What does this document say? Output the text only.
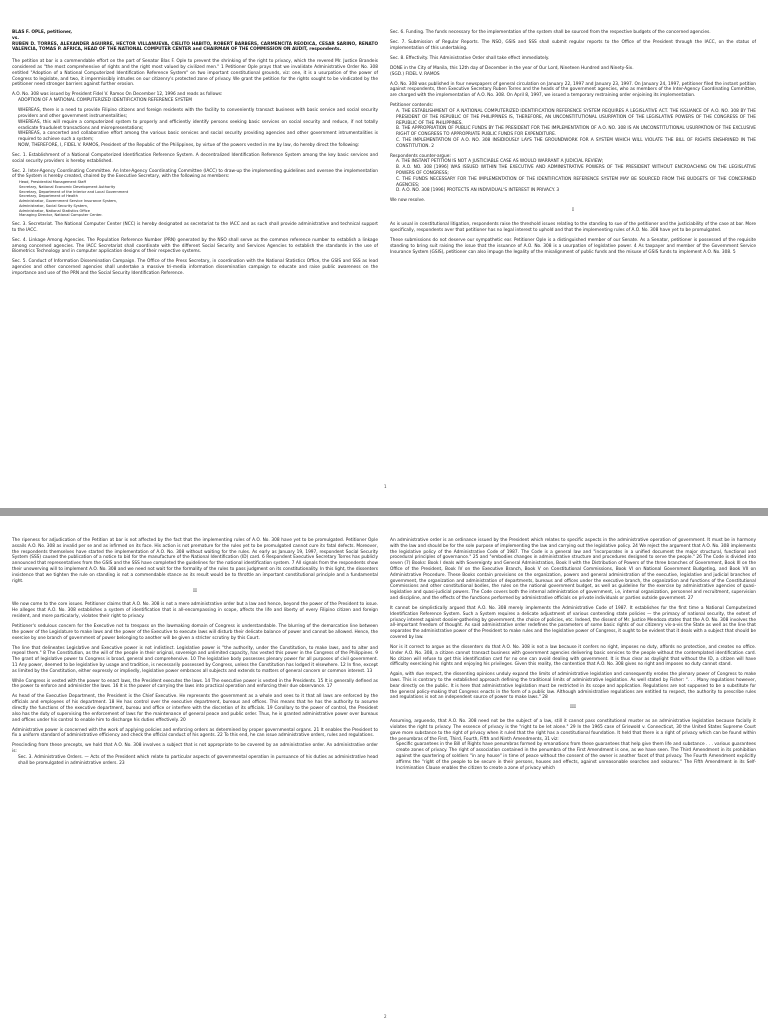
BLAS F. OPLE, petitioner,

vs.

RUBEN D. TORRES, ALEXANDER AGUIRRE, HECTOR VILLANUEVA, CIELITO HABITO, ROBERT BARBERS, CARMENCITA REODICA, CESAR SARINO, RENATO VALENCIA, TOMAS P. AFRICA, HEAD OF THE NATIONAL COMPUTER CENTER and CHAIRMAN OF THE COMMISSION ON AUDIT, respondents.

The petition at bar is a commendable effort on the part of Senator Blas F. Ople to prevent the shrinking of the right to privacy, which the revered Mr. Justice Brandeis considered as "the most comprehensive of rights and the right most valued by civilized men." 1 Petitioner Ople prays that we invalidate Administrative Order No. 308 entitled "Adoption of a National Computerized Identification Reference System" on two important constitutional grounds, viz: one, it is a usurpation of the power of Congress to legislate, and two, it impermissibly intrudes on our citizenry's protected zone of privacy. We grant the petition for the rights sought to be vindicated by the petitioner need stronger barriers against further erosion.

A.O. No. 308 was issued by President Fidel V. Ramos On December 12, 1996 and reads as follows:

ADOPTION OF A NATIONAL COMPUTERIZED IDENTIFICATION REFERENCE SYSTEM

WHEREAS, there is a need to provide Filipino citizens and foreign residents with the facility to conveniently transact business with basic service and social security providers and other government instrumentalities;

WHEREAS, this will require a computerized system to properly and efficiently identify persons seeking basic services on social security and reduce, if not totally eradicate fraudulent transactions and misrepresentations;

WHEREAS, a concerted and collaborative effort among the various basic services and social security providing agencies and other government intrumentalities is required to achieve such a system;

NOW, THEREFORE, I, FIDEL V. RAMOS, President of the Republic of the Philippines, by virtue of the powers vested in me by law, do hereby direct the following:

Sec. 1. Establishment of a National Compoterized Identification Reference System. A decentralized Identification Reference System among the key basic services and social security providers is hereby established.

Sec. 2. Inter-Agency Coordinating Committee. An Inter-Agency Coordinating Committee (IACC) to draw-up the implementing guidelines and oversee the implementation of the System is hereby created, chaired by the Executive Secretary, with the following as members:

Head, Presidential Management Staff
Secretary, National Economic Development Authority
Secretary, Department of the Interior and Local Government
Secretary, Department of Health
Administrator, Government Service Insurance System,
Administrator, Social Security System,
Administrator, National Statistics Office
Managing Director, National Computer Center.

Sec. 3. Secretariat. The National Computer Center (NCC) is hereby designated as secretariat to the IACC and as such shall provide administrative and technical support to the IACC.

Sec. 4. Linkage Among Agencies. The Population Reference Number (PRN) generated by the NSO shall serve as the common reference number to establish a linkage among concerned agencies. The IACC Secretariat shall coordinate with the different Social Security and Services Agencies to establish the standards in the use of Biometrics Technology and in computer application designs of their respective systems.

Sec. 5. Conduct of Information Dissemination Campaign. The Office of the Press Secretary, in coordination with the National Statistics Office, the GSIS and SSS as lead agencies and other concerned agencies shall undertake a massive tri-media information dissemination campaign to educate and raise public awareness on the importance and use of the PRN and the Social Security Identification Reference.

Sec. 6. Funding. The funds necessary for the implementation of the system shall be sourced from the respective budgets of the concerned agencies.

Sec. 7. Submission of Regular Reports. The NSO, GSIS and SSS shall submit regular reports to the Office of the President through the IACC, on the status of implementation of this undertaking.

Sec. 8. Effectivity. This Administrative Order shall take effect immediately.

DONE in the City of Manila, this 12th day of December in the year of Our Lord, Nineteen Hundred and Ninety-Six.

(SGD.) FIDEL V. RAMOS

A.O. No. 308 was published in four newspapers of general circulation on January 22, 1997 and January 23, 1997. On January 24, 1997, petitioner filed the instant petition against respondents, then Executive Secretary Ruben Torres and the heads of the government agencies, who as members of the Inter-Agency Coordinating Committee, are charged with the implementation of A.O. No. 308. On April 8, 1997, we issued a temporary restraining order enjoining its implementation.

Petitioner contends:

A. THE ESTABLISHMENT OF A NATIONAL COMPUTERIZED IDENTIFICATION REFERENCE SYSTEM REQUIRES A LEGISLATIVE ACT. THE ISSUANCE OF A.O. NO. 308 BY THE PRESIDENT OF THE REPUBLIC OF THE PHILIPPINES IS, THEREFORE, AN UNCONSTITUTIONAL USURPATION OF THE LEGISLATIVE POWERS OF THE CONGRESS OF THE REPUBLIC OF THE PHILIPPINES.
B. THE APPROPRIATION OF PUBLIC FUNDS BY THE PRESIDENT FOR THE IMPLEMENTATION OF A.O. NO. 308 IS AN UNCONSTITUTIONAL USURPATION OF THE EXCLUSIVE RIGHT OF CONGRESS TO APPROPRIATE PUBLIC FUNDS FOR EXPENDITURE.
C. THE IMPLEMENTATION OF A.O. NO. 308 INSIDIOUSLY LAYS THE GROUNDWORK FOR A SYSTEM WHICH WILL VIOLATE THE BILL OF RIGHTS ENSHRINED IN THE CONSTITUTION. 2

Respondents counter-argue:

A. THE INSTANT PETITION IS NOT A JUSTICIABLE CASE AS WOULD WARRANT A JUDICIAL REVIEW;
B. A.O. NO. 308 [1996] WAS ISSUED WITHIN THE EXECUTIVE AND ADMINISTRATIVE POWERS OF THE PRESIDENT WITHOUT ENCROACHING ON THE LEGISLATIVE POWERS OF CONGRESS;
C. THE FUNDS NECESSARY FOR THE IMPLEMENTATION OF THE IDENTIFICATION REFERENCE SYSTEM MAY BE SOURCED FROM THE BUDGETS OF THE CONCERNED AGENCIES;
D. A.O. NO. 308 [1996] PROTECTS AN INDIVIDUAL'S INTEREST IN PRIVACY. 3

We now resolve.

I

As is usual in constitutional litigation, respondents raise the threshold issues relating to the standing to sue of the petitioner and the justiciability of the case at bar. More specifically, respondents aver that petitioner has no legal interest to uphold and that the implementing rules of A.O. No. 308 have yet to be promulgated.

These submissions do not deserve our sympathetic ear. Petitioner Ople is a distinguished member of our Senate. As a Senator, petitioner is possessed of the requisite standing to bring suit raising the issue that the issuance of A.O. No. 308 is a usurpation of legislative power. 4 As taxpayer and member of the Government Service Insurance System (GSIS), petitioner can also impugn the legality of the misalignment of public funds and the misuse of GSIS funds to implement A.O. No. 308. 5

1

The ripeness for adjudication of the Petition at bar is not affected by the fact that the implementing rules of A.O. No. 308 have yet to be promulgated. Petitioner Ople assails A.O. No. 308 as invalid per se and as infirmed on its face. His action is not premature for the rules yet to be promulgated cannot cure its fatal defects. Moreover, the respondents themselves have started the implementation of A.O. No. 308 without waiting for the rules. As early as January 19, 1997, respondent Social Security System (SSS) caused the publication of a notice to bid for the manufacture of the National Identification (ID) card. 6 Respondent Executive Secretary Torres has publicly announced that representatives from the GSIS and the SSS have completed the guidelines for the national identification system. 7 All signals from the respondents show their unswerving will to implement A.O. No. 308 and we need not wait for the formality of the rules to pass judgment on its constitutionality. In this light, the dissenters insistence that we tighten the rule on standing is not a commendable stance as its result would be to throttle an important constitutional principle and a fundamental right.

II

We now come to the core issues. Petitioner claims that A.O. No. 308 is not a mere administrative order but a law and hence, beyond the power of the President to issue. He alleges that A.O. No. 308 establishes a system of identification that is all-encompassing in scope, affects the life and liberty of every Filipino citizen and foreign resident, and more particularly, violates their right to privacy.

Petitioner's sedulous concern for the Executive not to trespass on the lawmaking domain of Congress is understandable. The blurring of the demarcation line between the power of the Legislature to make laws and the power of the Executive to execute laws will disturb their delicate balance of power and cannot be allowed. Hence, the exercise by one branch of government of power belonging to another will be given a stricter scrutiny by this Court.

The line that delineates Legislative and Executive power is not indistinct. Legislative power is "the authority, under the Constitution, to make laws, and to alter and repeal them." 8 The Constitution, as the will of the people in their original, sovereign and unlimited capacity, has vested this power in the Congress of the Philippines. 9 The grant of legislative power to Congress is broad, general and comprehensive. 10 The legislative body possesses plenary power for all purposes of civil government. 11 Any power, deemed to be legislative by usage and tradition, is necessarily possessed by Congress, unless the Constitution has lodged it elsewhere. 12 In fine, except as limited by the Constitution, either expressly or impliedly, legislative power embraces all subjects and extends to matters of general concern or common interest. 13

While Congress is vested with the power to enact laws, the President executes the laws. 14 The executive power is vested in the Presidents. 15 It is generally defined as the power to enforce and administer the laws. 16 It is the power of carrying the laws into practical operation and enforcing their due observance. 17

As head of the Executive Department, the President is the Chief Executive. He represents the government as a whole and sees to it that all laws are enforced by the officials and employees of his department. 18 He has control over the executive department, bureaus and offices. This means that he has the authority to assume directly the functions of the executive department, bureau and office or interfere with the discretion of its officials. 19 Corollary to the power of control, the President also has the duty of supervising the enforcement of laws for the maintenance of general peace and public order. Thus, he is granted administrative power over bureaus and offices under his control to enable him to discharge his duties effectively. 20

Administrative power is concerned with the work of applying policies and enforcing orders as determined by proper governmental organs. 21 It enables the President to fix a uniform standard of administrative efficiency and check the official conduct of his agents. 22 To this end, he can issue administrative orders, rules and regulations.

Prescinding from these precepts, we hold that A.O. No. 308 involves a subject that is not appropriate to be covered by an administrative order. An administrative order is:

Sec. 3. Administrative Orders. — Acts of the President which relate to particular aspects of governmental operation in pursuance of his duties as administrative head shall be promulgated in administrative orders. 23

An administrative order is an ordinance issued by the President which relates to specific aspects in the administrative operation of government. It must be in harmony with the law and should be for the sole purpose of implementing the law and carrying out the legislative policy. 24 We reject the argument that A.O. No. 308 implements the legislative policy of the Administrative Code of 1987. The Code is a general law and "incorporates in a unified document the major structural, functional and procedural principles of governance." 25 and "embodies changes in administrative structure and procedures designed to serve the people." 26 The Code is divided into seven (7) Books: Book I deals with Sovereignty and General Administration, Book II with the Distribution of Powers of the three branches of Government, Book III on the Office of the President, Book IV on the Executive Branch, Book V on Constitutional Commissions, Book VI on National Government Budgeting, and Book VII on Administrative Procedure. These Books contain provisions on the organization, powers and general administration of the executive, legislative and judicial branches of government, the organization and administration of departments, bureaus and offices under the executive branch, the organization and functions of the Constitutional Commissions and other constitutional bodies, the rules on the national government budget, as well as guideline for the exercise by administrative agencies of quasi-legislative and quasi-judicial powers. The Code covers both the internal administration of government, i.e, internal organization, personnel and recruitment, supervision and discipline, and the effects of the functions performed by administrative officials on private individuals or parties outside government. 27

It cannot be simplistically argued that A.O. No. 308 merely implements the Administrative Code of 1987. It establishes for the first time a National Computerized Identification Reference System. Such a System requires a delicate adjustment of various contending state policies — the primacy of national security, the extent of privacy interest against dossier-gathering by government, the choice of policies, etc. Indeed, the dissent of Mr. Justice Mendoza states that the A.O. No. 308 involves the all-important freedom of thought. As said administrative order redefines the parameters of some basic rights of our citizenry vis-a-vis the State as well as the line that separates the administrative power of the President to make rules and the legislative power of Congress, it ought to be evident that it deals with a subject that should be covered by law.

Nor is it correct to argue as the dissenters do that A.O. No. 308 is not a law because it confers no right, imposes no duty, affords no protection, and creates no office. Under A.O. No. 308, a citizen cannot transact business with government agencies delivering basic services to the people without the contemplated identification card. No citizen will refuse to get this identification card for no one can avoid dealing with government. It is thus clear as daylight that without the ID, a citizen will have difficulty exercising his rights and enjoying his privileges. Given this reality, the contention that A.O. No. 308 gives no right and imposes no duty cannot stand.

Again, with due respect, the dissenting opinions unduly expand the limits of administrative legislation and consequently erodes the plenary power of Congress to make laws. This is contrary to the established approach defining the traditional limits of administrative legislation. As well stated by Fisher: ". . . Many regulations however, bear directly on the public. It is here that administrative legislation must be restricted in its scope and application. Regulations are not supposed to be a substitute for the general policy-making that Congress enacts in the form of a public law. Although administrative regulations are entitled to respect, the authority to prescribe rules and regulations is not an independent source of power to make laws." 28

III

Assuming, arguendo, that A.O. No. 308 need not be the subject of a law, still it cannot pass constitutional muster as an administrative legislation because facially it violates the right to privacy. The essence of privacy is the "right to be let alone." 29 In the 1965 case of Griswold v. Connecticut, 30 the United States Supreme Court gave more substance to the right of privacy when it ruled that the right has a constitutional foundation. It held that there is a right of privacy which can be found within the penumbras of the First, Third, Fourth, Fifth and Ninth Amendments, 31 viz:

Specific guarantees in the Bill of Rights have penumbras formed by emanations from these guarantees that help give them life and substance . . . various guarantees create zones of privacy. The right of association contained in the penumbra of the First Amendment is one, as we have seen. The Third Amendment in its prohibition against the quartering of soldiers "in any house" in time of peace without the consent of the owner is another facet of that privacy. The Fourth Amendment explicitly affirms the "right of the people to be secure in their persons, houses and effects, against unreasonable searches and seizures." The Fifth Amendment in its Self-Incrimination Clause enables the citizen to create a zone of privacy which

2
